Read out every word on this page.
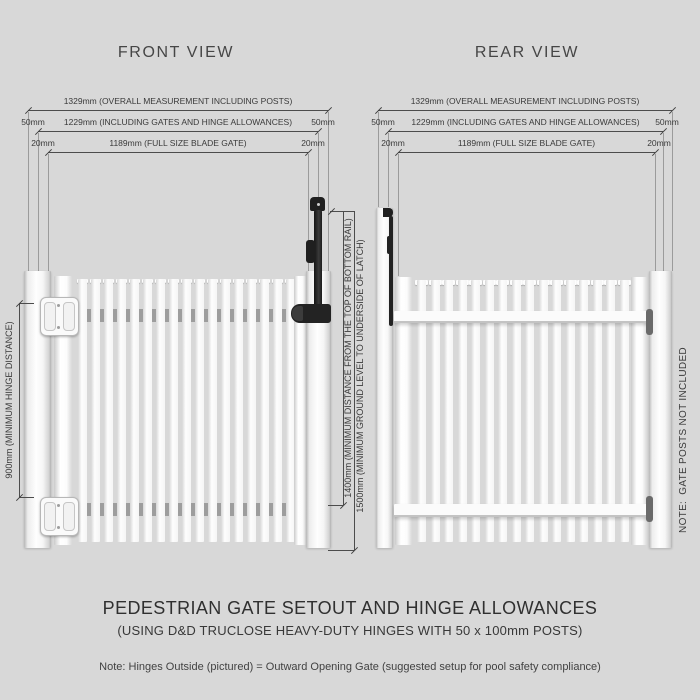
FRONT VIEW	REAR VIEW
1329mm (OVERALL MEASUREMENT INCLUDING POSTS)
1229mm (INCLUDING GATES AND HINGE ALLOWANCES)
1189mm (FULL SIZE BLADE GATE)
50mm	50mm
20mm	20mm
1329mm (OVERALL MEASUREMENT INCLUDING POSTS)
1229mm (INCLUDING GATES AND HINGE ALLOWANCES)
1189mm (FULL SIZE BLADE GATE)
50mm	50mm
20mm	20mm
900mm (MINIMUM HINGE DISTANCE)	1400mm (MINIMUM DISTANCE FROM THE TOP OF BOTTOM RAIL) 1500mm (MINIMUM GROUND LEVEL TO UNDERSIDE OF LATCH)	NOTE:  GATE POSTS NOT INCLUDED
PEDESTRIAN GATE SETOUT AND HINGE ALLOWANCES
(USING D&D TRUCLOSE HEAVY-DUTY HINGES WITH 50 x 100mm POSTS)
Note: Hinges Outside (pictured) = Outward Opening Gate (suggested setup for pool safety compliance)
